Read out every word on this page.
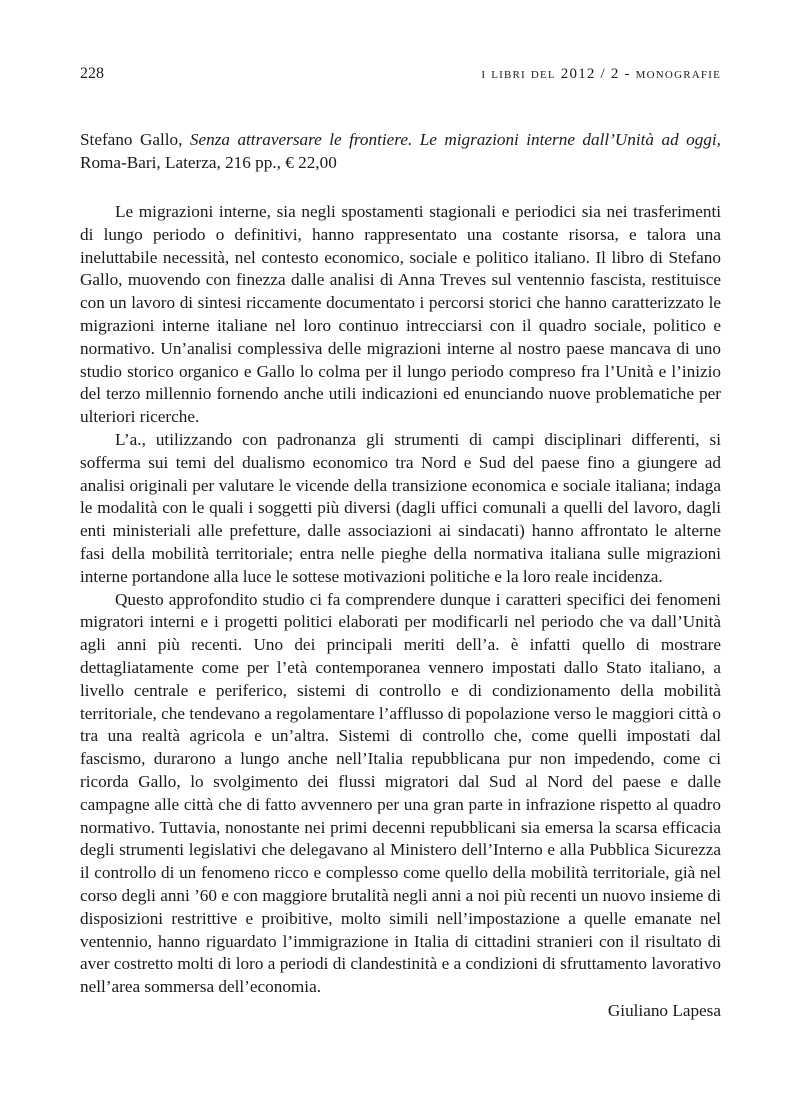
228	i libri del 2012 / 2 - monografie
Stefano Gallo, Senza attraversare le frontiere. Le migrazioni interne dall’Unità ad oggi, Roma-Bari, Laterza, 216 pp., € 22,00

Le migrazioni interne, sia negli spostamenti stagionali e periodici sia nei trasferimenti di lungo periodo o definitivi, hanno rappresentato una costante risorsa, e talora una ineluttabile necessità, nel contesto economico, sociale e politico italiano. Il libro di Stefano Gallo, muovendo con finezza dalle analisi di Anna Treves sul ventennio fascista, restituisce con un lavoro di sintesi riccamente documentato i percorsi storici che hanno caratterizzato le migrazioni interne italiane nel loro continuo intrecciarsi con il quadro sociale, politico e normativo. Un’analisi complessiva delle migrazioni interne al nostro paese mancava di uno studio storico organico e Gallo lo colma per il lungo periodo compreso fra l’Unità e l’inizio del terzo millennio fornendo anche utili indicazioni ed enunciando nuove problematiche per ulteriori ricerche.

L’a., utilizzando con padronanza gli strumenti di campi disciplinari differenti, si sofferma sui temi del dualismo economico tra Nord e Sud del paese fino a giungere ad analisi originali per valutare le vicende della transizione economica e sociale italiana; indaga le modalità con le quali i soggetti più diversi (dagli uffici comunali a quelli del lavoro, dagli enti ministeriali alle prefetture, dalle associazioni ai sindacati) hanno affrontato le alterne fasi della mobilità territoriale; entra nelle pieghe della normativa italiana sulle migrazioni interne portandone alla luce le sottese motivazioni politiche e la loro reale incidenza.

Questo approfondito studio ci fa comprendere dunque i caratteri specifici dei fenomeni migratori interni e i progetti politici elaborati per modificarli nel periodo che va dall’Unità agli anni più recenti. Uno dei principali meriti dell’a. è infatti quello di mostrare dettagliatamente come per l’età contemporanea vennero impostati dallo Stato italiano, a livello centrale e periferico, sistemi di controllo e di condizionamento della mobilità territoriale, che tendevano a regolamentare l’afflusso di popolazione verso le maggiori città o tra una realtà agricola e un’altra. Sistemi di controllo che, come quelli impostati dal fascismo, durarono a lungo anche nell’Italia repubblicana pur non impedendo, come ci ricorda Gallo, lo svolgimento dei flussi migratori dal Sud al Nord del paese e dalle campagne alle città che di fatto avvennero per una gran parte in infrazione rispetto al quadro normativo. Tuttavia, nonostante nei primi decenni repubblicani sia emersa la scarsa efficacia degli strumenti legislativi che delegavano al Ministero dell’Interno e alla Pubblica Sicurezza il controllo di un fenomeno ricco e complesso come quello della mobilità territoriale, già nel corso degli anni ’60 e con maggiore brutalità negli anni a noi più recenti un nuovo insieme di disposizioni restrittive e proibitive, molto simili nell’impostazione a quelle emanate nel ventennio, hanno riguardato l’immigrazione in Italia di cittadini stranieri con il risultato di aver costretto molti di loro a periodi di clandestinità e a condizioni di sfruttamento lavorativo nell’area sommersa dell’economia.

Giuliano Lapesa
